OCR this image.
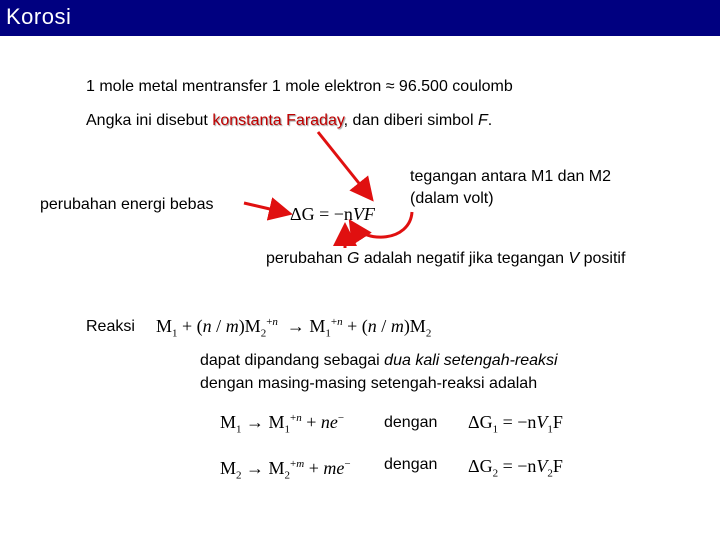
Korosi
1 mole metal mentransfer 1 mole elektron ≈ 96.500 coulomb
Angka ini disebut konstanta Faraday, dan diberi simbol F.
perubahan energi bebas
tegangan antara M1 dan M2
(dalam volt)
ΔG = −nVF
perubahan G adalah negatif jika tegangan V positif
Reaksi $M_1 + (n / m)M_2^{+n} \to M_1^{+n} + (n / m)M_2$
dapat dipandang sebagai dua kali setengah-reaksi
dengan masing-masing setengah-reaksi adalah
$M_1 \to M_1^{+n} + ne^-$ dengan $\Delta G_1 = -nV_1F$
$M_2 \to M_2^{+m} + me^-$ dengan $\Delta G_2 = -nV_2F$
